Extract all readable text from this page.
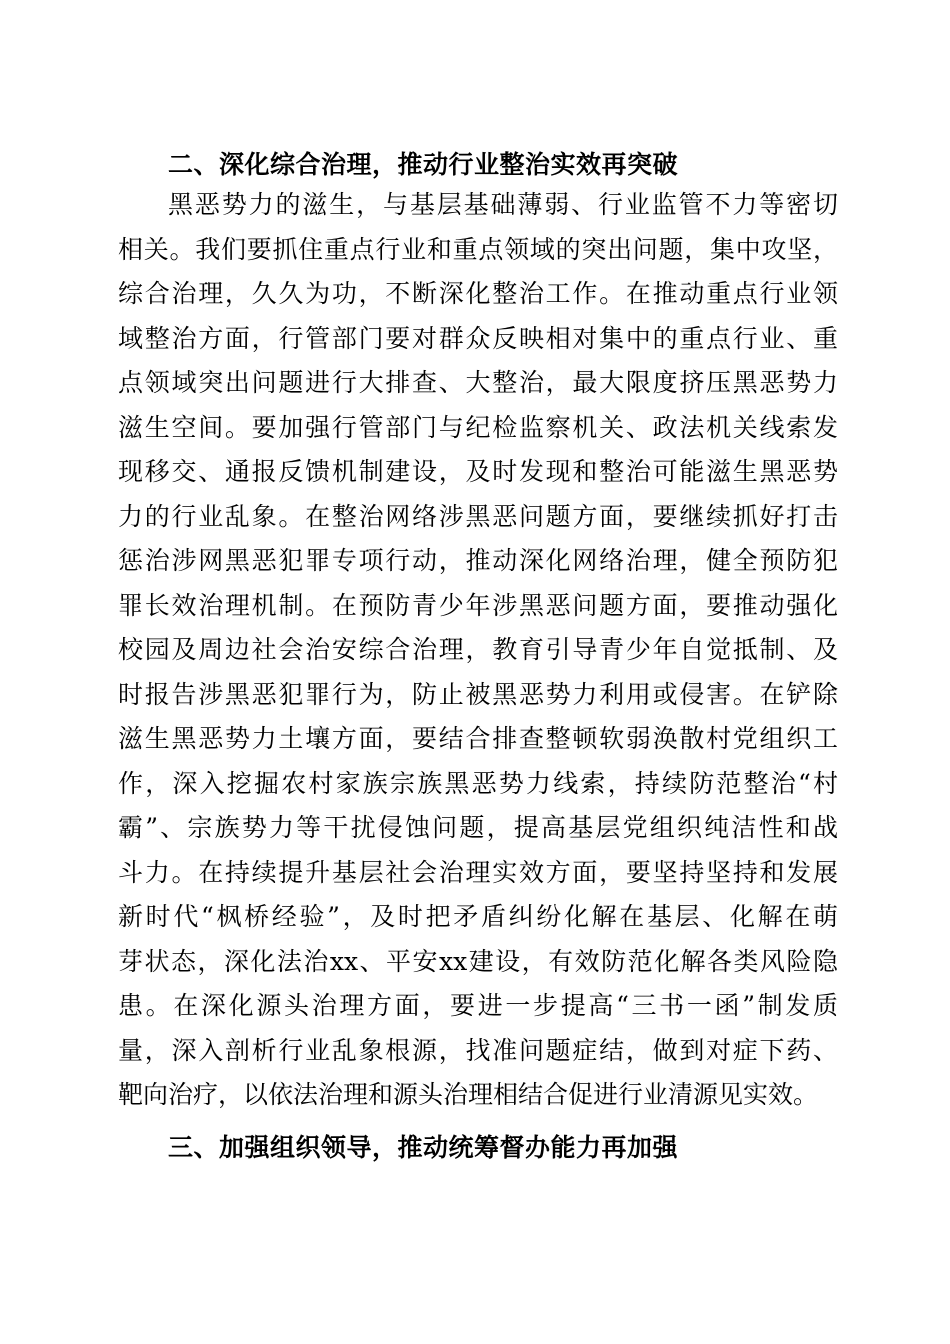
二、深化综合治理，推动行业整治实效再突破
黑恶势力的滋生，与基层基础薄弱、行业监管不力等密切
相关。我们要抓住重点行业和重点领域的突出问题，集中攻坚，
综合治理，久久为功，不断深化整治工作。在推动重点行业领
域整治方面，行管部门要对群众反映相对集中的重点行业、重
点领域突出问题进行大排查、大整治，最大限度挤压黑恶势力
滋生空间。要加强行管部门与纪检监察机关、政法机关线索发
现移交、通报反馈机制建设，及时发现和整治可能滋生黑恶势
力的行业乱象。在整治网络涉黑恶问题方面，要继续抓好打击
惩治涉网黑恶犯罪专项行动，推动深化网络治理，健全预防犯
罪长效治理机制。在预防青少年涉黑恶问题方面，要推动强化
校园及周边社会治安综合治理，教育引导青少年自觉抵制、及
时报告涉黑恶犯罪行为，防止被黑恶势力利用或侵害。在铲除
滋生黑恶势力土壤方面，要结合排查整顿软弱涣散村党组织工
作，深入挖掘农村家族宗族黑恶势力线索，持续防范整治“村
霸”、宗族势力等干扰侵蚀问题，提高基层党组织纯洁性和战
斗力。在持续提升基层社会治理实效方面，要坚持坚持和发展
新时代“枫桥经验”，及时把矛盾纠纷化解在基层、化解在萌
芽状态，深化法治xx、平安xx建设，有效防范化解各类风险隐
患。在深化源头治理方面，要进一步提高“三书一函”制发质
量，深入剖析行业乱象根源，找准问题症结，做到对症下药、
靶向治疗，以依法治理和源头治理相结合促进行业清源见实效。
三、加强组织领导，推动统筹督办能力再加强
